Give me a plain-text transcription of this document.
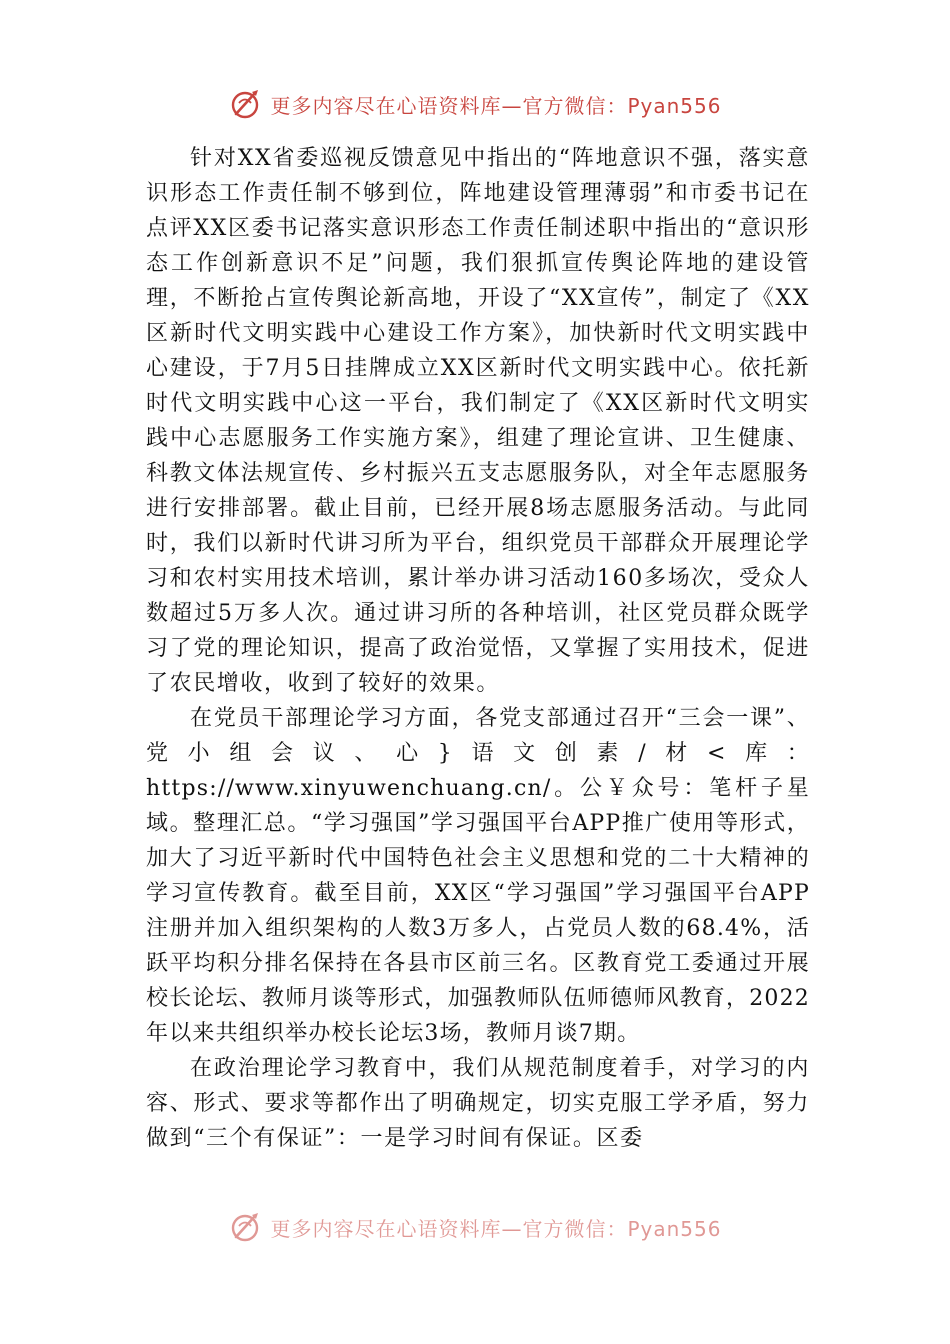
更多内容尽在心语资料库—官方微信：Pyan556

针对XX省委巡视反馈意见中指出的“阵地意识不强，落实意识形态工作责任制不够到位，阵地建设管理薄弱”和市委书记在点评XX区委书记落实意识形态工作责任制述职中指出的“意识形态工作创新意识不足”问题，我们狠抓宣传舆论阵地的建设管理，不断抢占宣传舆论新高地，开设了“XX宣传”，制定了《XX区新时代文明实践中心建设工作方案》，加快新时代文明实践中心建设，于7月5日挂牌成立XX区新时代文明实践中心。依托新时代文明实践中心这一平台，我们制定了《XX区新时代文明实践中心志愿服务工作实施方案》，组建了理论宣讲、卫生健康、科教文体法规宣传、乡村振兴五支志愿服务队，对全年志愿服务进行安排部署。截止目前，已经开展8场志愿服务活动。与此同时，我们以新时代讲习所为平台，组织党员干部群众开展理论学习和农村实用技术培训，累计举办讲习活动160多场次，受众人数超过5万多人次。通过讲习所的各种培训，社区党员群众既学习了党的理论知识，提高了政治觉悟，又掌握了实用技术，促进了农民增收，收到了较好的效果。

在党员干部理论学习方面，各党支部通过召开“三会一课”、党小组会议、心}语文创素/材<库：https://www.xinyuwenchuang.cn/。公￥众号：笔杆子星域。整理汇总。“学习强国”学习强国平台APP推广使用等形式，加大了习近平新时代中国特色社会主义思想和党的二十大精神的学习宣传教育。截至目前，XX区“学习强国”学习强国平台APP注册并加入组织架构的人数3万多人，占党员人数的68.4%，活跃平均积分排名保持在各县市区前三名。区教育党工委通过开展校长论坛、教师月谈等形式，加强教师队伍师德师风教育，2022年以来共组织举办校长论坛3场，教师月谈7期。

在政治理论学习教育中，我们从规范制度着手，对学习的内容、形式、要求等都作出了明确规定，切实克服工学矛盾，努力做到“三个有保证”：一是学习时间有保证。区委

更多内容尽在心语资料库—官方微信：Pyan556
